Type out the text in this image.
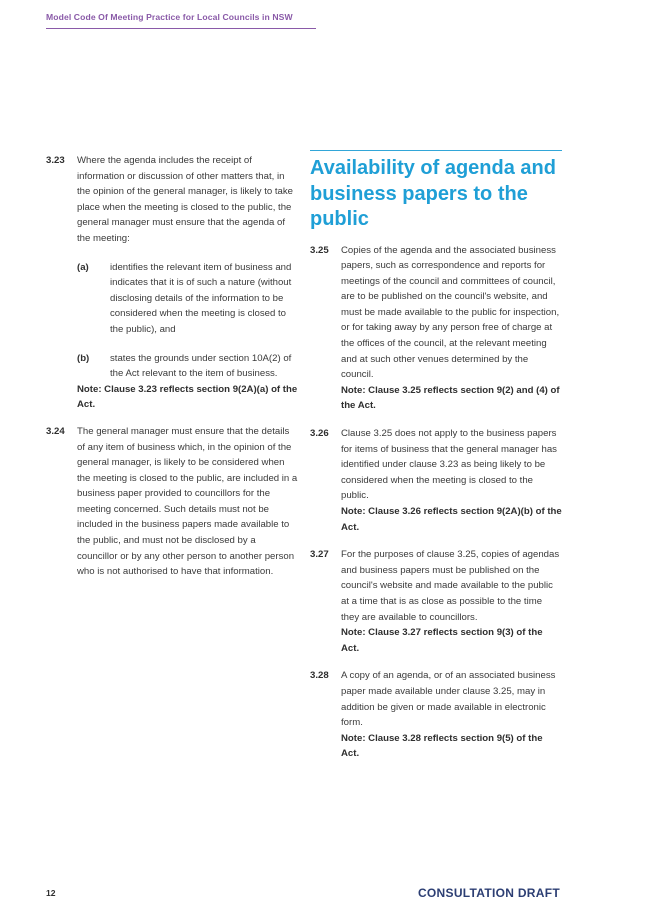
Model Code Of Meeting Practice for Local Councils in NSW
3.23 Where the agenda includes the receipt of information or discussion of other matters that, in the opinion of the general manager, is likely to take place when the meeting is closed to the public, the general manager must ensure that the agenda of the meeting:

(a) identifies the relevant item of business and indicates that it is of such a nature (without disclosing details of the information to be considered when the meeting is closed to the public), and

(b) states the grounds under section 10A(2) of the Act relevant to the item of business.

Note: Clause 3.23 reflects section 9(2A)(a) of the Act.

3.24 The general manager must ensure that the details of any item of business which, in the opinion of the general manager, is likely to be considered when the meeting is closed to the public, are included in a business paper provided to councillors for the meeting concerned. Such details must not be included in the business papers made available to the public, and must not be disclosed by a councillor or by any other person to another person who is not authorised to have that information.

Availability of agenda and business papers to the public
3.25 Copies of the agenda and the associated business papers, such as correspondence and reports for meetings of the council and committees of council, are to be published on the council's website, and must be made available to the public for inspection, or for taking away by any person free of charge at the offices of the council, at the relevant meeting and at such other venues determined by the council.

Note: Clause 3.25 reflects section 9(2) and (4) of the Act.

3.26 Clause 3.25 does not apply to the business papers for items of business that the general manager has identified under clause 3.23 as being likely to be considered when the meeting is closed to the public.

Note: Clause 3.26 reflects section 9(2A)(b) of the Act.

3.27 For the purposes of clause 3.25, copies of agendas and business papers must be published on the council's website and made available to the public at a time that is as close as possible to the time they are available to councillors.

Note: Clause 3.27 reflects section 9(3) of the Act.

3.28 A copy of an agenda, or of an associated business paper made available under clause 3.25, may in addition be given or made available in electronic form.

Note: Clause 3.28 reflects section 9(5) of the Act.

12	CONSULTATION DRAFT
